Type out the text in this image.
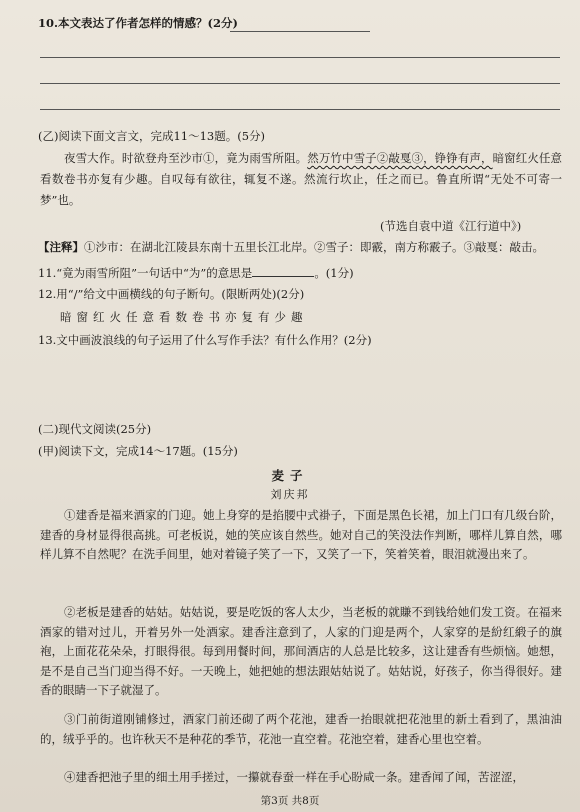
10.本文表达了作者怎样的情感？(2分)
(乙)阅读下面文言文，完成11～13题。(5分)
夜雪大作。时欲登舟至沙市①，竟为雨雪所阻。然万竹中雪子②敲戛③，铮铮有声，暗窗红火任意看数卷书亦复有少趣。自叹每有欲往，辄复不遂。然流行坎止，任之而已。鲁直所谓“无处不可寄一梦”也。
(节选自袁中道《江行道中》)
【注释】①沙市：在湖北江陵县东南十五里长江北岸。②雪子：即霰，南方称霰子。③敲戛：敲击。
11.“竟为雨雪所阻”一句话中“为”的意思是	。(1分)
12.用“/”给文中画横线的句子断句。(限断两处)(2分)
暗窗红火任意看数卷书亦复有少趣
13.文中画波浪线的句子运用了什么写作手法？有什么作用？(2分)
(二)现代文阅读(25分)
(甲)阅读下文，完成14～17题。(15分)
麦子
刘庆邦
①建香是福来酒家的门迎。她上身穿的是掐腰中式褂子，下面是黑色长裙，加上门口有几级台阶，建香的身材显得很高挑。可老板说，她的笑应该自然些。她对自己的笑没法作判断，哪样儿算自然，哪样儿算不自然呢？在洗手间里，她对着镜子笑了一下，又笑了一下，笑着笑着，眼泪就漫出来了。
②老板是建香的姑姑。姑姑说，要是吃饭的客人太少，当老板的就賺不到钱给她们发工资。在福来酒家的错对过儿，开着另外一处酒家。建香注意到了，人家的门迎是两个，人家穿的是紛红緞子的旗袍，上面花花朵朵，打眼得很。每到用餐时间，那间酒店的人总是比较多，这让建香有些烦恼。她想，是不是自己当门迎当得不好。一天晚上，她把她的想法跟姑姑说了。姑姑说，好孩子，你当得很好。建香的眼睛一下子就湿了。
③门前街道刚铺修过，酒家门前还砌了两个花池，建香一抬眼就把花池里的新土看到了，黑油油的，绒乎乎的。也许秋天不是种花的季节，花池一直空着。花池空着，建香心里也空着。
④建香把池子里的细土用手搓过，一攥就春蚕一样在手心盼咸一条。建香闻了闻，苦涩涩，
第3页 共8页
